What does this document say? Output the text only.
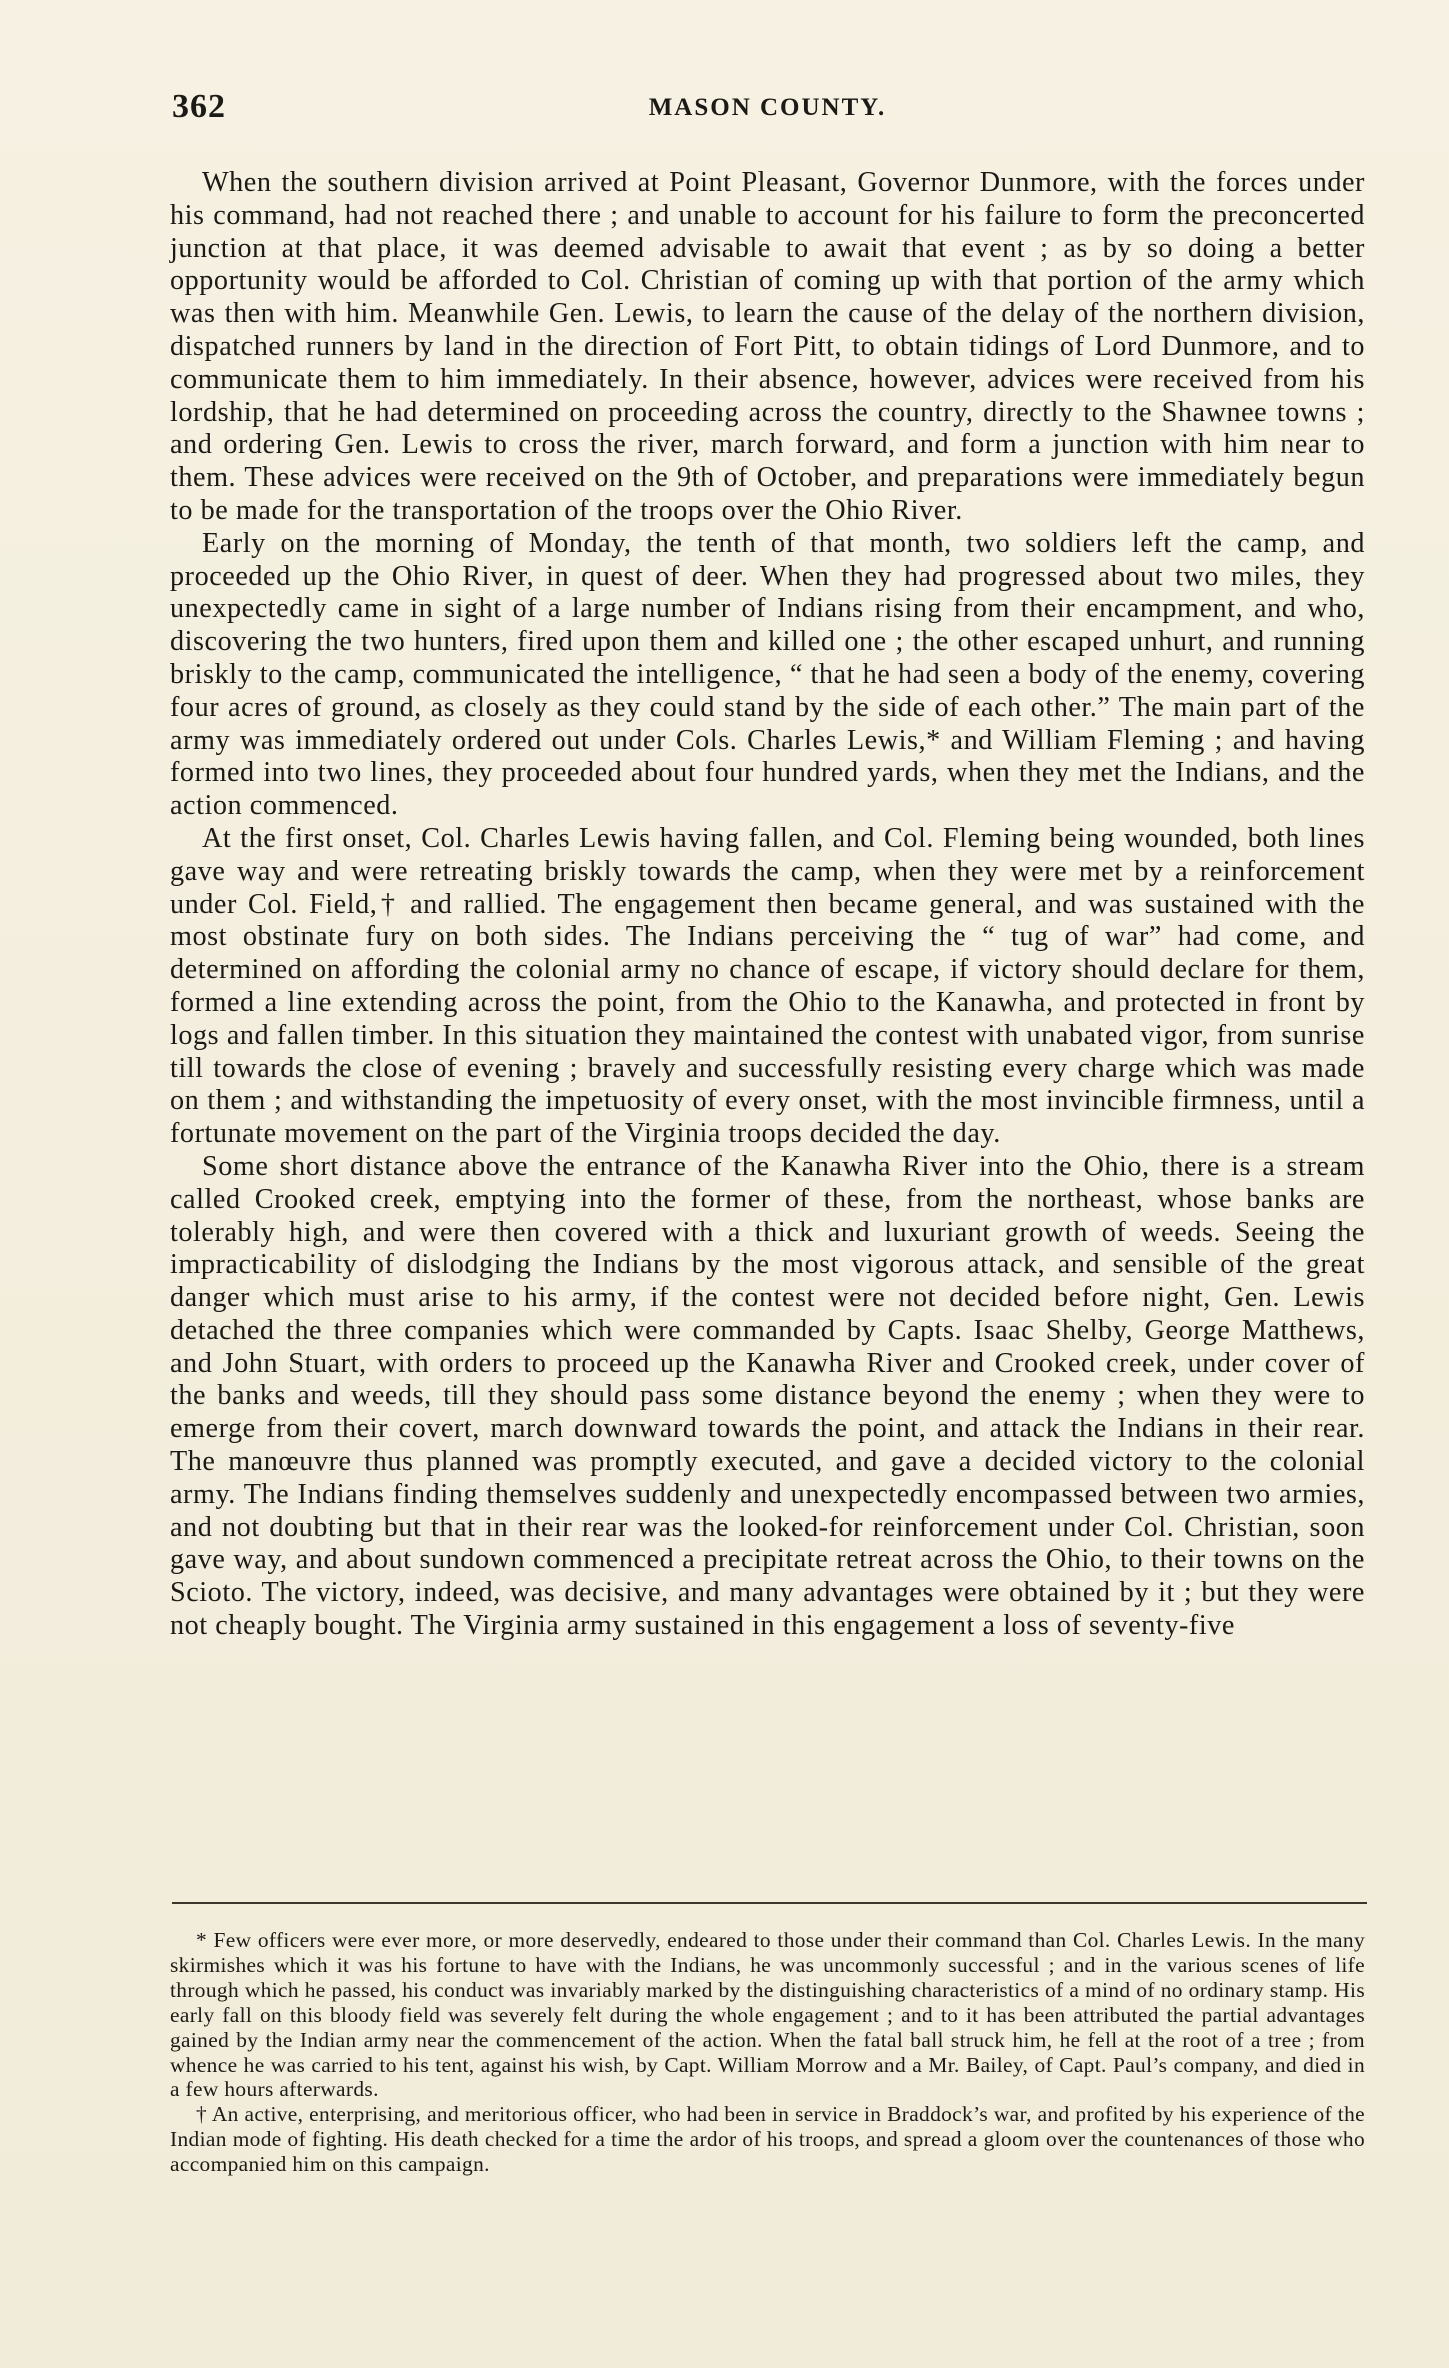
362	MASON COUNTY.

When the southern division arrived at Point Pleasant, Governor Dunmore, with the forces under his command, had not reached there ; and unable to account for his failure to form the preconcerted junction at that place, it was deemed advisable to await that event ; as by so doing a better opportunity would be afforded to Col. Christian of coming up with that portion of the army which was then with him. Meanwhile Gen. Lewis, to learn the cause of the delay of the northern division, dispatched runners by land in the direction of Fort Pitt, to obtain tidings of Lord Dunmore, and to communicate them to him immediately. In their absence, however, advices were received from his lordship, that he had determined on proceeding across the country, directly to the Shawnee towns ; and ordering Gen. Lewis to cross the river, march forward, and form a junction with him near to them. These advices were received on the 9th of October, and preparations were immediately begun to be made for the transportation of the troops over the Ohio River.

Early on the morning of Monday, the tenth of that month, two soldiers left the camp, and proceeded up the Ohio River, in quest of deer. When they had progressed about two miles, they unexpectedly came in sight of a large number of Indians rising from their encampment, and who, discovering the two hunters, fired upon them and killed one ; the other escaped unhurt, and running briskly to the camp, communicated the intelligence, “ that he had seen a body of the enemy, covering four acres of ground, as closely as they could stand by the side of each other.” The main part of the army was immediately ordered out under Cols. Charles Lewis,* and William Fleming ; and having formed into two lines, they proceeded about four hundred yards, when they met the Indians, and the action commenced.

At the first onset, Col. Charles Lewis having fallen, and Col. Fleming being wounded, both lines gave way and were retreating briskly towards the camp, when they were met by a reinforcement under Col. Field,† and rallied. The engagement then became general, and was sustained with the most obstinate fury on both sides. The Indians perceiving the “ tug of war” had come, and determined on affording the colonial army no chance of escape, if victory should declare for them, formed a line extending across the point, from the Ohio to the Kanawha, and protected in front by logs and fallen timber. In this situation they maintained the contest with unabated vigor, from sunrise till towards the close of evening ; bravely and successfully resisting every charge which was made on them ; and withstanding the impetuosity of every onset, with the most invincible firmness, until a fortunate movement on the part of the Virginia troops decided the day.

Some short distance above the entrance of the Kanawha River into the Ohio, there is a stream called Crooked creek, emptying into the former of these, from the northeast, whose banks are tolerably high, and were then covered with a thick and luxuriant growth of weeds. Seeing the impracticability of dislodging the Indians by the most vigorous attack, and sensible of the great danger which must arise to his army, if the contest were not decided before night, Gen. Lewis detached the three companies which were commanded by Capts. Isaac Shelby, George Matthews, and John Stuart, with orders to proceed up the Kanawha River and Crooked creek, under cover of the banks and weeds, till they should pass some distance beyond the enemy ; when they were to emerge from their covert, march downward towards the point, and attack the Indians in their rear. The manœuvre thus planned was promptly executed, and gave a decided victory to the colonial army. The Indians finding themselves suddenly and unexpectedly encompassed between two armies, and not doubting but that in their rear was the looked-for reinforcement under Col. Christian, soon gave way, and about sundown commenced a precipitate retreat across the Ohio, to their towns on the Scioto. The victory, indeed, was decisive, and many advantages were obtained by it ; but they were not cheaply bought. The Virginia army sustained in this engagement a loss of seventy-five

* Few officers were ever more, or more deservedly, endeared to those under their command than Col. Charles Lewis. In the many skirmishes which it was his fortune to have with the Indians, he was uncommonly successful ; and in the various scenes of life through which he passed, his conduct was invariably marked by the distinguishing characteristics of a mind of no ordinary stamp. His early fall on this bloody field was severely felt during the whole engagement ; and to it has been attributed the partial advantages gained by the Indian army near the commencement of the action. When the fatal ball struck him, he fell at the root of a tree ; from whence he was carried to his tent, against his wish, by Capt. William Morrow and a Mr. Bailey, of Capt. Paul’s company, and died in a few hours afterwards.

† An active, enterprising, and meritorious officer, who had been in service in Braddock’s war, and profited by his experience of the Indian mode of fighting. His death checked for a time the ardor of his troops, and spread a gloom over the countenances of those who accompanied him on this campaign.
